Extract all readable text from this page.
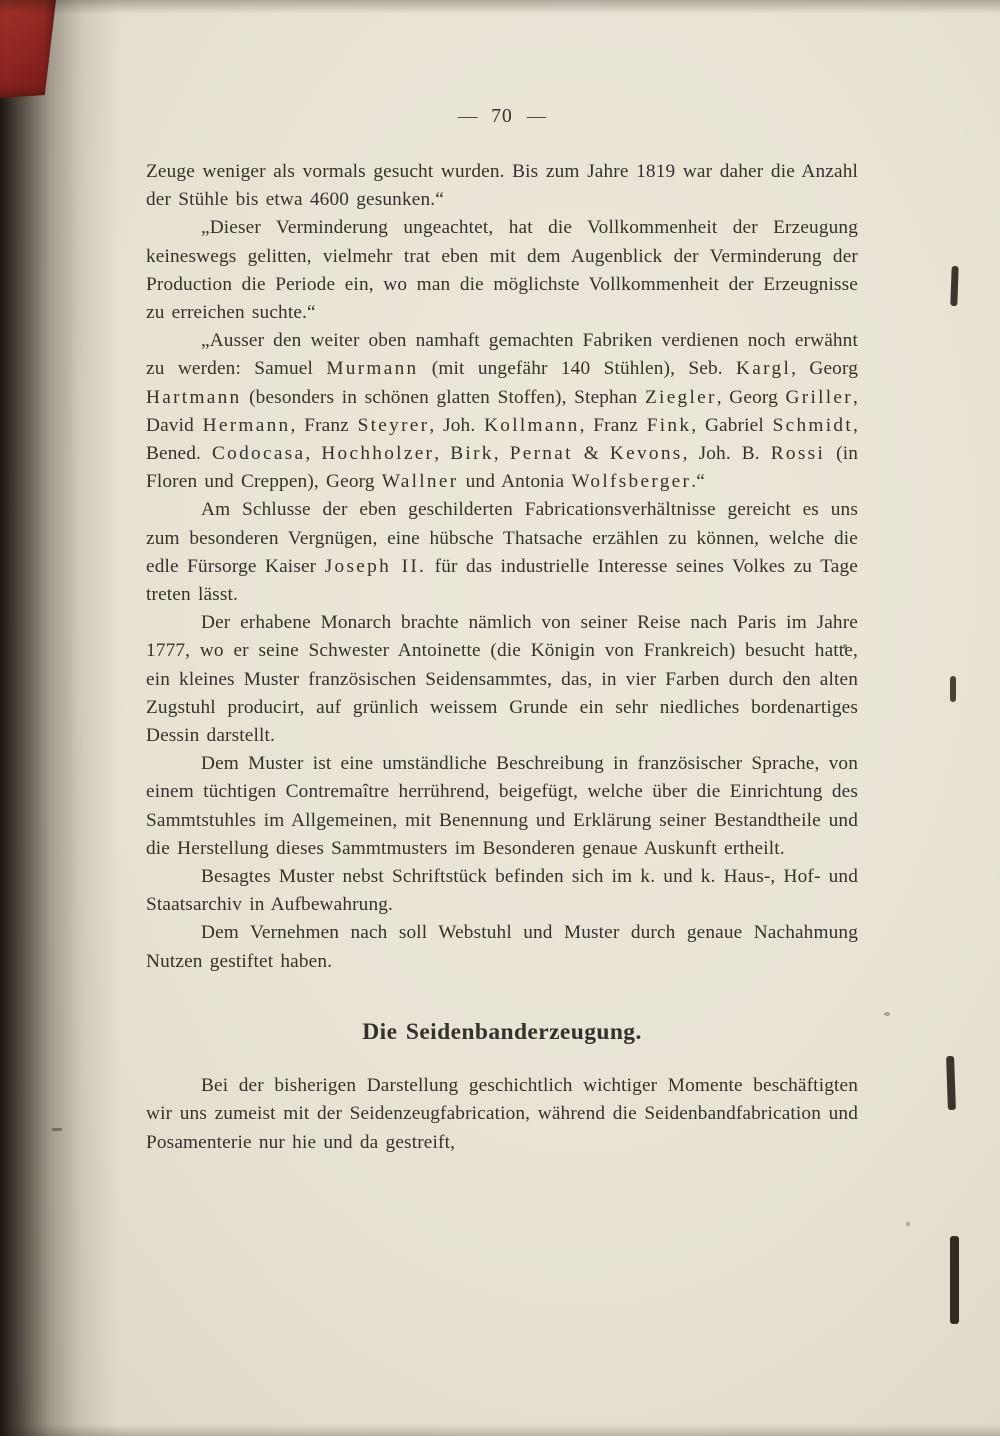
— 70 —

Zeuge weniger als vormals gesucht wurden. Bis zum Jahre 1819 war daher die Anzahl der Stühle bis etwa 4600 gesunken.“

„Dieser Verminderung ungeachtet, hat die Vollkommenheit der Erzeugung keineswegs gelitten, vielmehr trat eben mit dem Augenblick der Verminderung der Production die Periode ein, wo man die möglichste Vollkommenheit der Erzeugnisse zu erreichen suchte.“

„Ausser den weiter oben namhaft gemachten Fabriken verdienen noch erwähnt zu werden: Samuel Murmann (mit ungefähr 140 Stühlen), Seb. Kargl, Georg Hartmann (besonders in schönen glatten Stoffen), Stephan Ziegler, Georg Griller, David Hermann, Franz Steyrer, Joh. Kollmann, Franz Fink, Gabriel Schmidt, Bened. Codocasa, Hochholzer, Birk, Pernat & Kevons, Joh. B. Rossi (in Floren und Creppen), Georg Wallner und Antonia Wolfsberger.“

Am Schlusse der eben geschilderten Fabricationsverhältnisse gereicht es uns zum besonderen Vergnügen, eine hübsche Thatsache erzählen zu können, welche die edle Fürsorge Kaiser Joseph II. für das industrielle Interesse seines Volkes zu Tage treten lässt.

Der erhabene Monarch brachte nämlich von seiner Reise nach Paris im Jahre 1777, wo er seine Schwester Antoinette (die Königin von Frankreich) besucht hatte, ein kleines Muster französischen Seidensammtes, das, in vier Farben durch den alten Zugstuhl producirt, auf grünlich weissem Grunde ein sehr niedliches bordenartiges Dessin darstellt.

Dem Muster ist eine umständliche Beschreibung in französischer Sprache, von einem tüchtigen Contremaître herrührend, beigefügt, welche über die Einrichtung des Sammtstuhles im Allgemeinen, mit Benennung und Erklärung seiner Bestandtheile und die Herstellung dieses Sammtmusters im Besonderen genaue Auskunft ertheilt.

Besagtes Muster nebst Schriftstück befinden sich im k. und k. Haus-, Hof- und Staatsarchiv in Aufbewahrung.

Dem Vernehmen nach soll Webstuhl und Muster durch genaue Nachahmung Nutzen gestiftet haben.

Die Seidenbanderzeugung.

Bei der bisherigen Darstellung geschichtlich wichtiger Momente beschäftigten wir uns zumeist mit der Seidenzeugfabrication, während die Seidenbandfabrication und Posamenterie nur hie und da gestreift,
